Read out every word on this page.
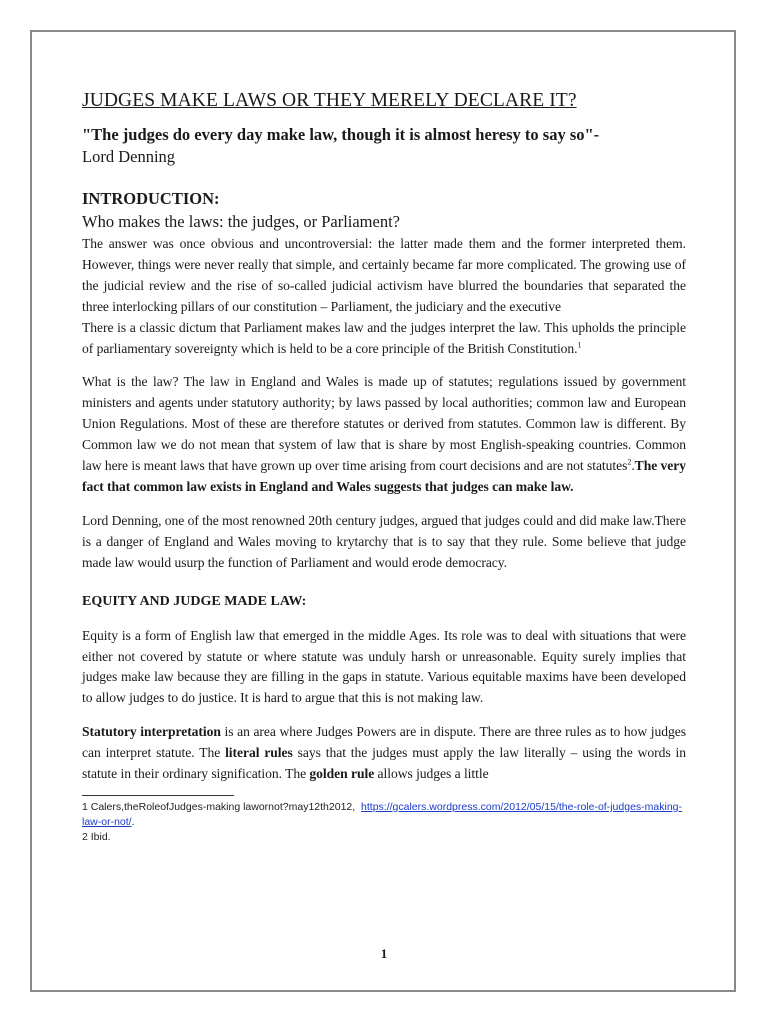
JUDGES MAKE LAWS OR THEY MERELY DECLARE IT?

"The judges do every day make law, though it is almost heresy to say so"-

Lord Denning

INTRODUCTION:

Who makes the laws: the judges, or Parliament?

The answer was once obvious and uncontroversial: the latter made them and the former interpreted them. However, things were never really that simple, and certainly became far more complicated. The growing use of the judicial review and the rise of so-called judicial activism have blurred the boundaries that separated the three interlocking pillars of our constitution – Parliament, the judiciary and the executive

There is a classic dictum that Parliament makes law and the judges interpret the law. This upholds the principle of parliamentary sovereignty which is held to be a core principle of the British Constitution.$^1$

What is the law? The law in England and Wales is made up of statutes; regulations issued by government ministers and agents under statutory authority; by laws passed by local authorities; common law and European Union Regulations. Most of these are therefore statutes or derived from statutes. Common law is different. By Common law we do not mean that system of law that is share by most English-speaking countries. Common law here is meant laws that have grown up over time arising from court decisions and are not statutes$^2$.The very fact that common law exists in England and Wales suggests that judges can make law.

Lord Denning, one of the most renowned 20th century judges, argued that judges could and did make law.There is a danger of England and Wales moving to krytarchy that is to say that they rule. Some believe that judge made law would usurp the function of Parliament and would erode democracy.

EQUITY AND JUDGE MADE LAW:

Equity is a form of English law that emerged in the middle Ages. Its role was to deal with situations that were either not covered by statute or where statute was unduly harsh or unreasonable. Equity surely implies that judges make law because they are filling in the gaps in statute. Various equitable maxims have been developed to allow judges to do justice. It is hard to argue that this is not making law.

Statutory interpretation is an area where Judges Powers are in dispute. There are three rules as to how judges can interpret statute. The literal rules says that the judges must apply the law literally – using the words in statute in their ordinary signification. The golden rule allows judges a little

1 Calers,theRoleofJudges-making lawornot?may12th2012, https://gcalers.wordpress.com/2012/05/15/the-role-of-judges-making-law-or-not/.

2 Ibid.

1
